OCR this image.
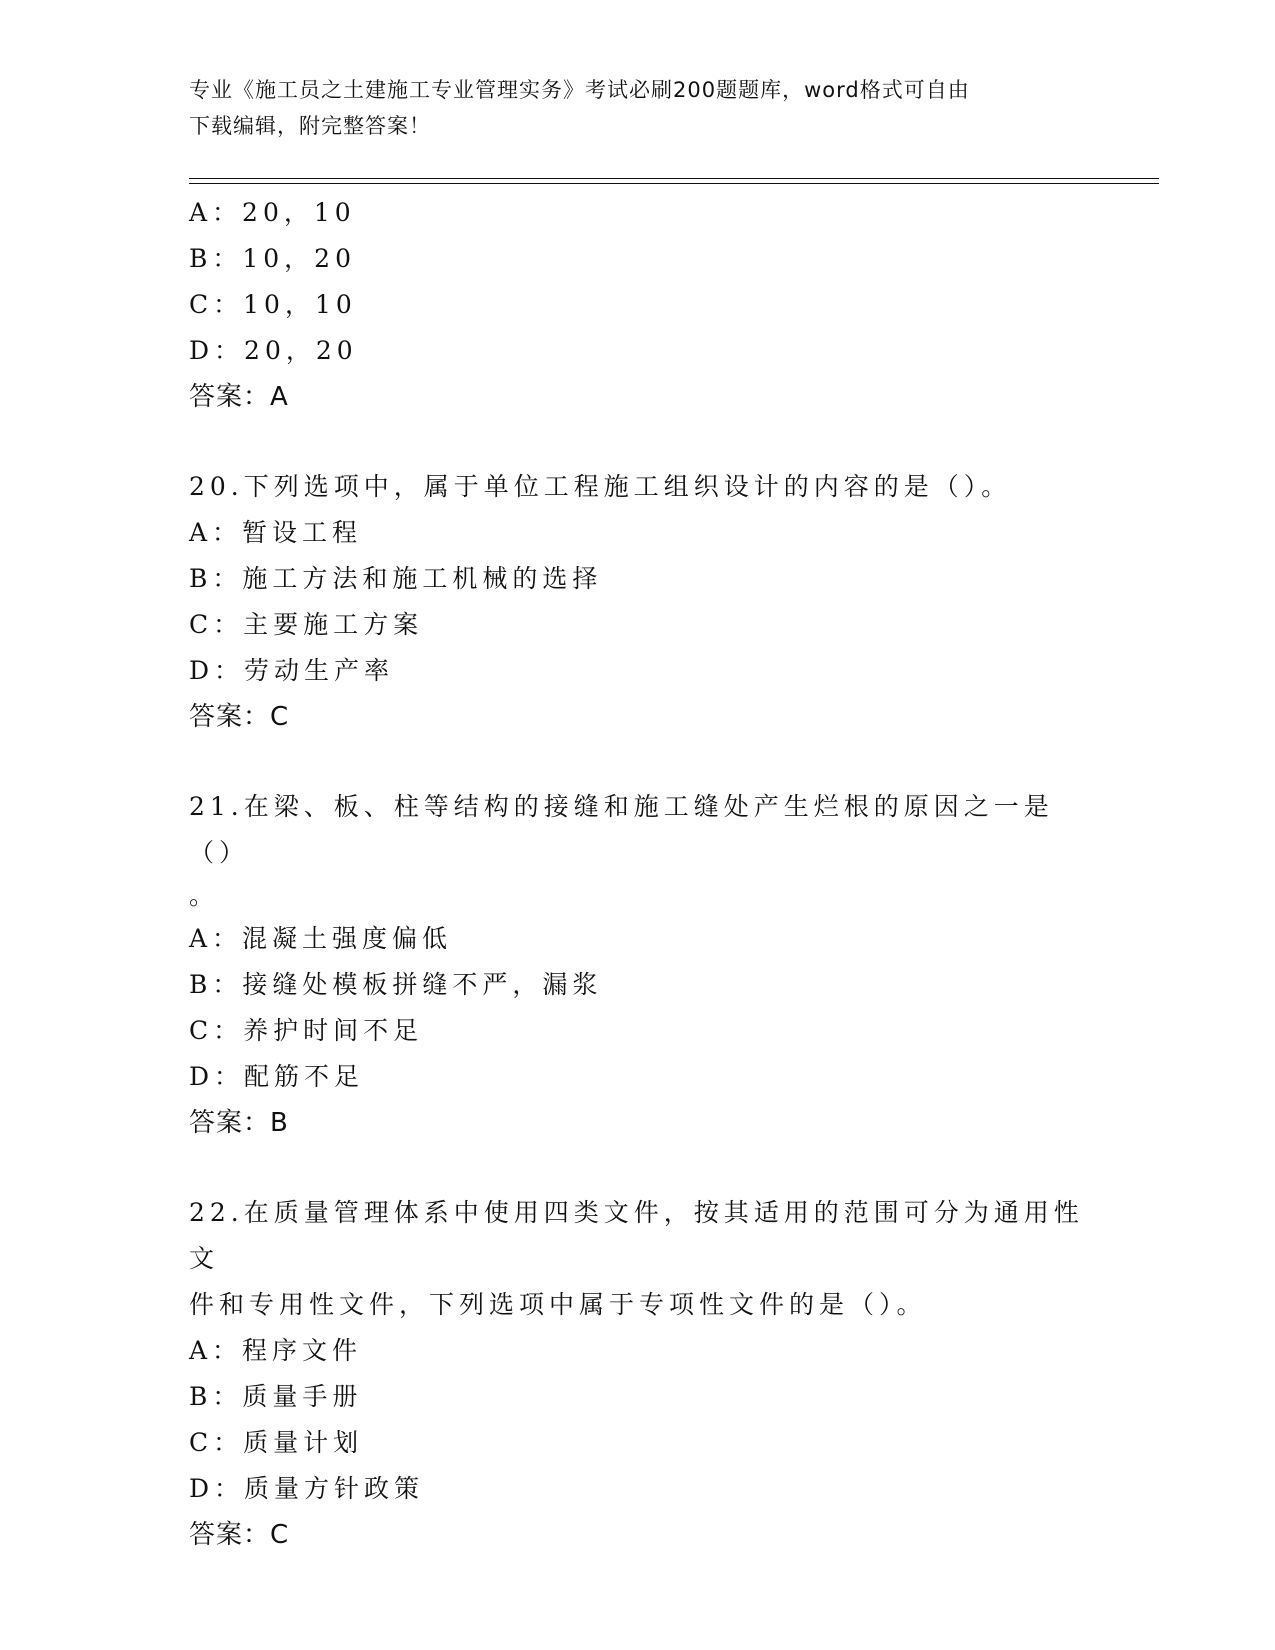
专业《施工员之土建施工专业管理实务》考试必刷200题题库，word格式可自由
下载编辑，附完整答案！
A：20，10
B：10，20
C：10，10
D：20，20
答案：A
20.下列选项中，属于单位工程施工组织设计的内容的是（）。
A：暂设工程
B：施工方法和施工机械的选择
C：主要施工方案
D：劳动生产率
答案：C
21.在梁、板、柱等结构的接缝和施工缝处产生烂根的原因之一是（）
。
A：混凝土强度偏低
B：接缝处模板拼缝不严，漏浆
C：养护时间不足
D：配筋不足
答案：B
22.在质量管理体系中使用四类文件，按其适用的范围可分为通用性文
件和专用性文件，下列选项中属于专项性文件的是（）。
A：程序文件
B：质量手册
C：质量计划
D：质量方针政策
答案：C
